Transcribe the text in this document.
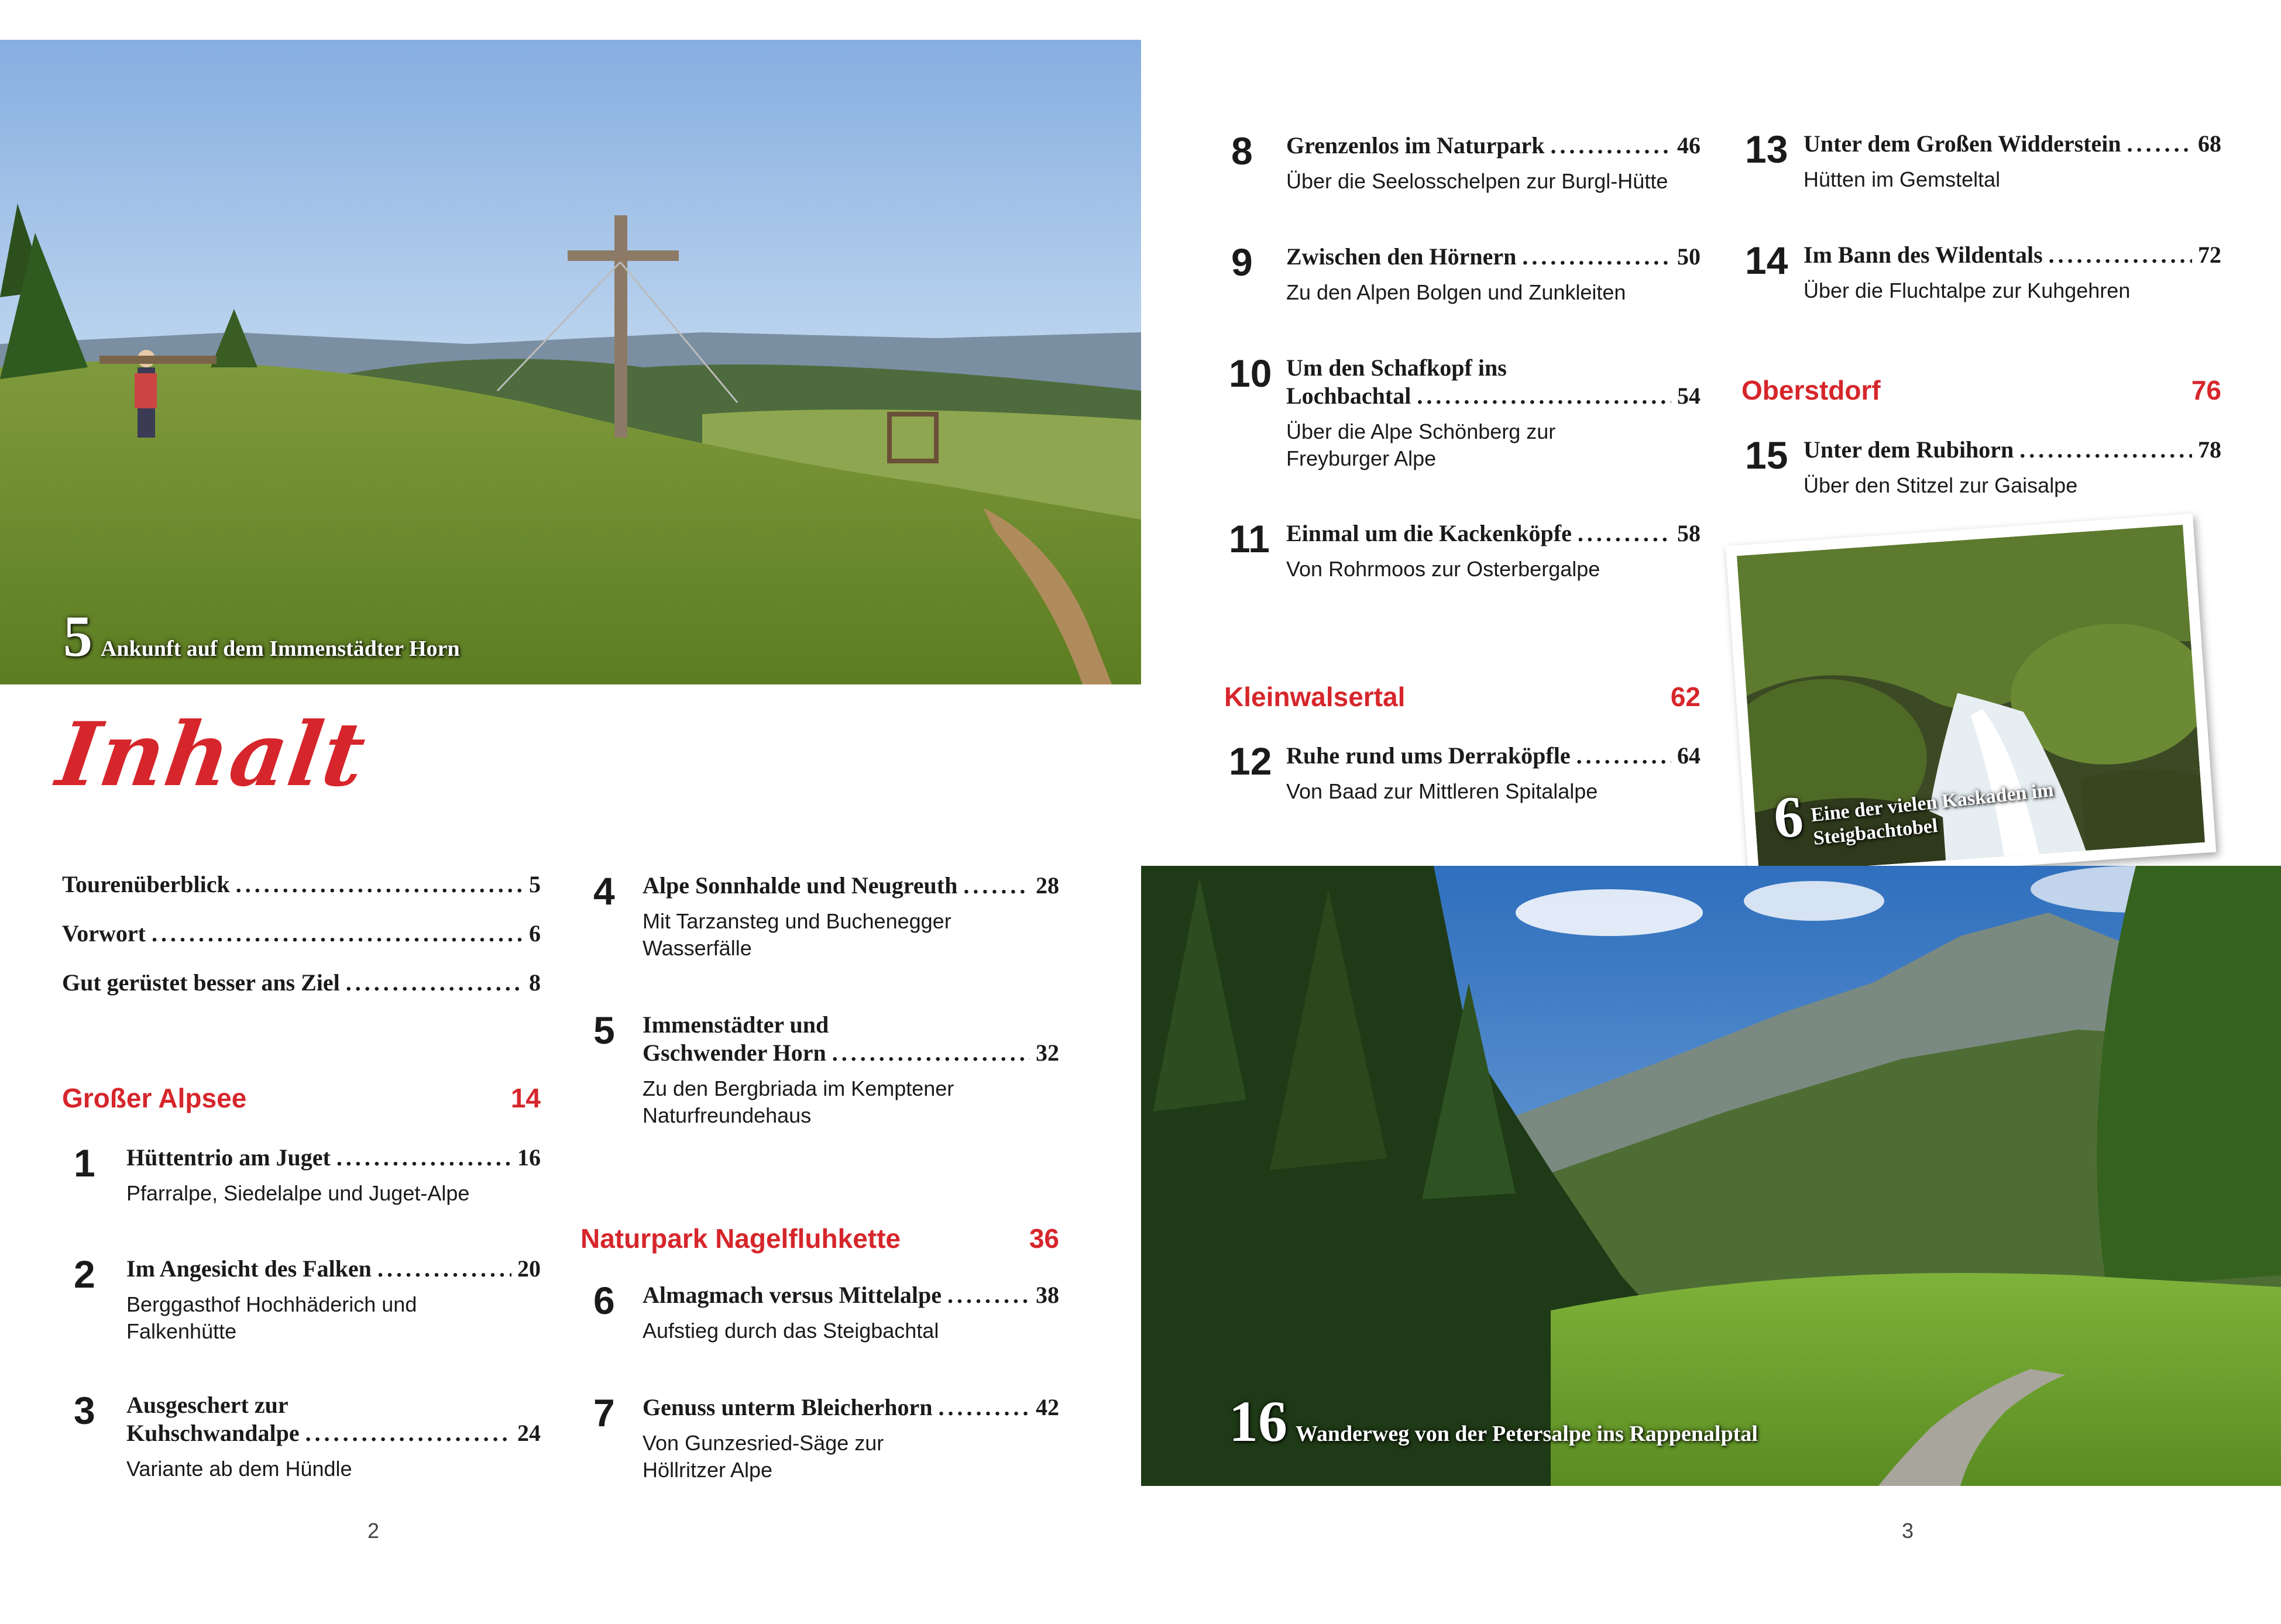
5 Ankunft auf dem Immenstädter Horn
Inhalt
Tourenüberblick .....	5
Vorwort .....	6
Gut gerüstet besser ans Ziel .....	8
Großer Alpsee	14
1	Hüttentrio am Juget .....	16
Pfarralpe, Siedelalpe und Juget-Alpe
2	Im Angesicht des Falken .....	20
Berggasthof Hochhäderich und Falkenhütte
3	Ausgeschert zur
Kuhschwandalpe .....	24
Variante ab dem Hündle
4	Alpe Sonnhalde und Neugreuth .....	28
Mit Tarzansteg und Buchenegger Wasserfälle
5	Immenstädter und
Gschwender Horn .....	32
Zu den Bergbriada im Kemptener Naturfreundehaus
Naturpark Nagelfluhkette	36
6	Almagmach versus Mittelalpe .....	38
Aufstieg durch das Steigbachtal
7	Genuss unterm Bleicherhorn .....	42
Von Gunzesried-Säge zur Höllritzer Alpe
8	Grenzenlos im Naturpark .....	46
Über die Seelosschelpen zur Burgl-Hütte
9	Zwischen den Hörnern .....	50
Zu den Alpen Bolgen und Zunkleiten
10 Um den Schafkopf ins
Lochbachtal .....	54
Über die Alpe Schönberg zur Freyburger Alpe
11 Einmal um die Kackenköpfe .....	58
Von Rohrmoos zur Osterbergalpe
Kleinwalsertal	62
12 Ruhe rund ums Derraköpfle .....	64
Von Baad zur Mittleren Spitalalpe
13 Unter dem Großen Widderstein .....	68
Hütten im Gemsteltal
14 Im Bann des Wildentals .....	72
Über die Fluchtalpe zur Kuhgehren
Oberstdorf	76
15 Unter dem Rubihorn .....	78
Über den Stitzel zur Gaisalpe
6 Eine der vielen Kaskaden im Steigbachtobel
16 Wanderweg von der Petersalpe ins Rappenalptal
2	3
